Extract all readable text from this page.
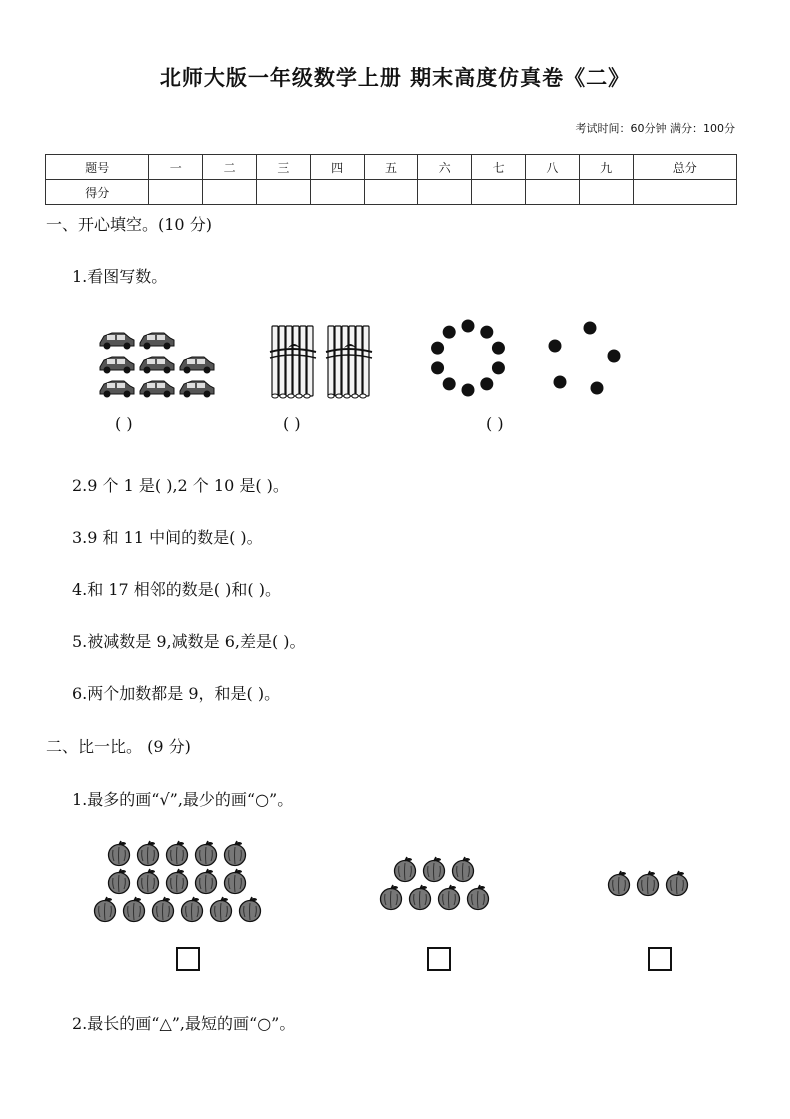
北师大版一年级数学上册 期末高度仿真卷《二》
考试时间：60分钟 满分：100分
题号	一	二	三	四	五	六	七	八	九	总分
得分										
一、开心填空。(10 分)
1.看图写数。
( )	( )	( )
2.9 个 1 是( ),2 个 10 是( )。
3.9 和 11 中间的数是( )。
4.和 17 相邻的数是( )和( )。
5.被减数是 9,减数是 6,差是( )。
6.两个加数都是 9，和是( )。
二、比一比。 (9 分)
1.最多的画“√”,最少的画“○”。
2.最长的画“△”,最短的画“○”。
